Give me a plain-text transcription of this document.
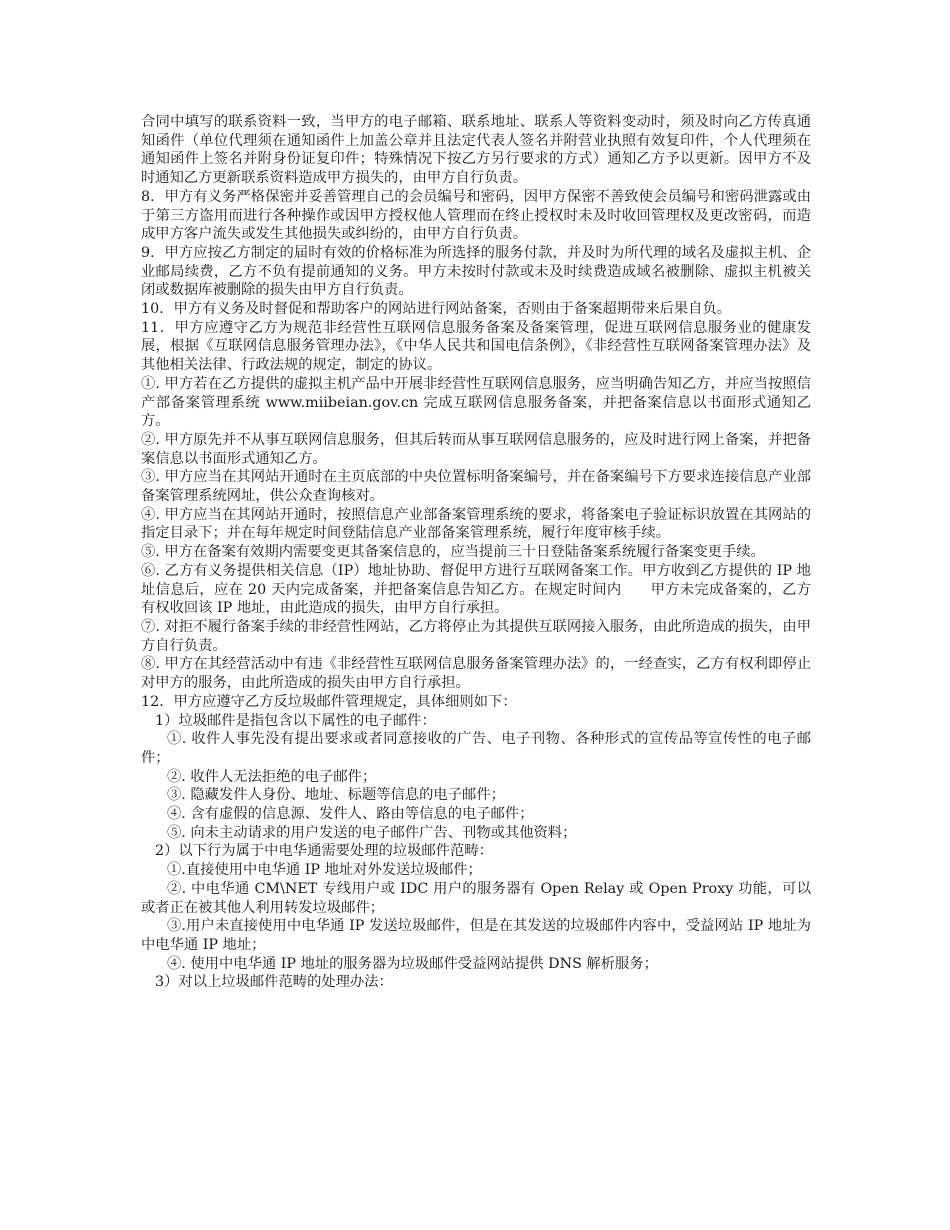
合同中填写的联系资料一致，当甲方的电子邮箱、联系地址、联系人等资料变动时，须及时向乙方传真通知函件（单位代理须在通知函件上加盖公章并且法定代表人签名并附营业执照有效复印件，个人代理须在通知函件上签名并附身份证复印件；特殊情况下按乙方另行要求的方式）通知乙方予以更新。因甲方不及时通知乙方更新联系资料造成甲方损失的，由甲方自行负责。

8．甲方有义务严格保密并妥善管理自己的会员编号和密码，因甲方保密不善致使会员编号和密码泄露或由于第三方盗用而进行各种操作或因甲方授权他人管理而在终止授权时未及时收回管理权及更改密码，而造成甲方客户流失或发生其他损失或纠纷的，由甲方自行负责。

9．甲方应按乙方制定的届时有效的价格标准为所选择的服务付款，并及时为所代理的域名及虚拟主机、企业邮局续费，乙方不负有提前通知的义务。甲方未按时付款或未及时续费造成域名被删除、虚拟主机被关闭或数据库被删除的损失由甲方自行负责。

10．甲方有义务及时督促和帮助客户的网站进行网站备案，否则由于备案超期带来后果自负。

11．甲方应遵守乙方为规范非经营性互联网信息服务备案及备案管理，促进互联网信息服务业的健康发展，根据《互联网信息服务管理办法》，《中华人民共和国电信条例》，《非经营性互联网备案管理办法》及其他相关法律、行政法规的规定，制定的协议。

①. 甲方若在乙方提供的虚拟主机产品中开展非经营性互联网信息服务，应当明确告知乙方，并应当按照信产部备案管理系统 www.miibeian.gov.cn 完成互联网信息服务备案，并把备案信息以书面形式通知乙方。

②. 甲方原先并不从事互联网信息服务，但其后转而从事互联网信息服务的，应及时进行网上备案，并把备案信息以书面形式通知乙方。

③. 甲方应当在其网站开通时在主页底部的中央位置标明备案编号，并在备案编号下方要求连接信息产业部备案管理系统网址，供公众查询核对。

④. 甲方应当在其网站开通时，按照信息产业部备案管理系统的要求，将备案电子验证标识放置在其网站的指定目录下；并在每年规定时间登陆信息产业部备案管理系统，履行年度审核手续。

⑤. 甲方在备案有效期内需要变更其备案信息的，应当提前三十日登陆备案系统履行备案变更手续。

⑥. 乙方有义务提供相关信息（IP）地址协助、督促甲方进行互联网备案工作。甲方收到乙方提供的 IP 地址信息后，应在 20 天内完成备案，并把备案信息告知乙方。在规定时间内　　甲方未完成备案的，乙方有权收回该 IP 地址，由此造成的损失，由甲方自行承担。

⑦. 对拒不履行备案手续的非经营性网站，乙方将停止为其提供互联网接入服务，由此所造成的损失，由甲方自行负责。

⑧. 甲方在其经营活动中有违《非经营性互联网信息服务备案管理办法》的，一经查实，乙方有权利即停止对甲方的服务，由此所造成的损失由甲方自行承担。

12．甲方应遵守乙方反垃圾邮件管理规定，具体细则如下：

1）垃圾邮件是指包含以下属性的电子邮件：

①. 收件人事先没有提出要求或者同意接收的广告、电子刊物、各种形式的宣传品等宣传性的电子邮件；

②. 收件人无法拒绝的电子邮件；

③. 隐藏发件人身份、地址、标题等信息的电子邮件；

④. 含有虚假的信息源、发件人、路由等信息的电子邮件；

⑤. 向未主动请求的用户发送的电子邮件广告、刊物或其他资料；

2）以下行为属于中电华通需要处理的垃圾邮件范畴：

①.直接使用中电华通 IP 地址对外发送垃圾邮件；

②. 中电华通 CM\NET 专线用户或 IDC 用户的服务器有 Open Relay 或 Open Proxy 功能，可以或者正在被其他人利用转发垃圾邮件；

③.用户未直接使用中电华通 IP 发送垃圾邮件，但是在其发送的垃圾邮件内容中，受益网站 IP 地址为中电华通 IP 地址；

④. 使用中电华通 IP 地址的服务器为垃圾邮件受益网站提供 DNS 解析服务；

3）对以上垃圾邮件范畴的处理办法：
